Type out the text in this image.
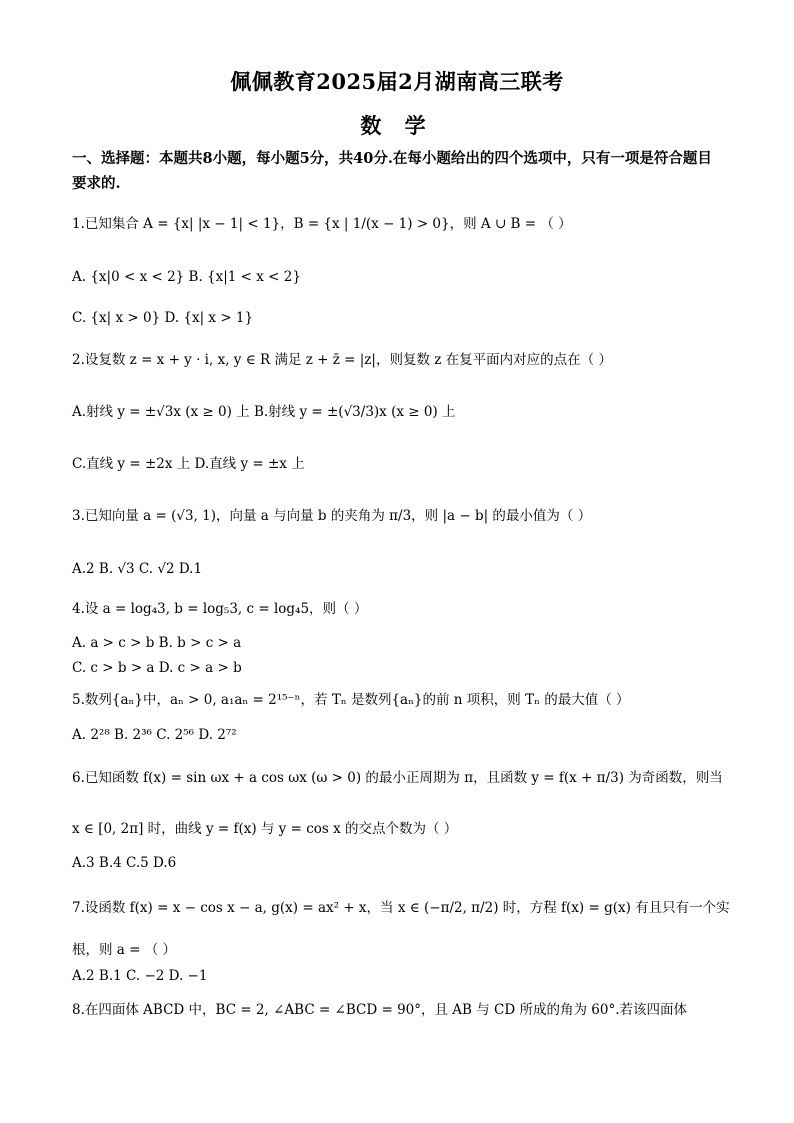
佩佩教育2025届2月湖南高三联考
数 学
一、选择题：本题共8小题，每小题5分，共40分.在每小题给出的四个选项中，只有一项是符合题目要求的.
1.已知集合 A = {x| |x − 1| < 1}，B = {x | 1/(x − 1) > 0}，则 A ∪ B = （ ）
A. {x|0 < x < 2} B. {x|1 < x < 2}
C. {x| x > 0} D. {x| x > 1}
2.设复数 z = x + y · i, x, y ∈ R 满足 z + z̄ = |z|，则复数 z 在复平面内对应的点在（ ）
A.射线 y = ±√3x (x ≥ 0) 上 B.射线 y = ±(√3/3)x (x ≥ 0) 上
C.直线 y = ±2x 上 D.直线 y = ±x 上
3.已知向量 a = (√3, 1)，向量 a 与向量 b 的夹角为 π/3，则 |a − b| 的最小值为（ ）
A.2 B. √3 C. √2 D.1
4.设 a = log₄3, b = log₅3, c = log₄5，则（ ）
A. a > c > b B. b > c > a
C. c > b > a D. c > a > b
5.数列{aₙ}中，aₙ > 0, a₁aₙ = 2¹⁵⁻ⁿ，若 Tₙ 是数列{aₙ}的前 n 项积，则 Tₙ 的最大值（ ）
A. 2²⁸ B. 2³⁶ C. 2⁵⁶ D. 2⁷²
6.已知函数 f(x) = sin ωx + a cos ωx (ω > 0) 的最小正周期为 π，且函数 y = f(x + π/3) 为奇函数，则当
x ∈ [0, 2π] 时，曲线 y = f(x) 与 y = cos x 的交点个数为（ ）
A.3 B.4 C.5 D.6
7.设函数 f(x) = x − cos x − a, g(x) = ax² + x，当 x ∈ (−π/2, π/2) 时，方程 f(x) = g(x) 有且只有一个实
根，则 a = （ ）
A.2 B.1 C. −2 D. −1
8.在四面体 ABCD 中，BC = 2, ∠ABC = ∠BCD = 90°，且 AB 与 CD 所成的角为 60°.若该四面体
